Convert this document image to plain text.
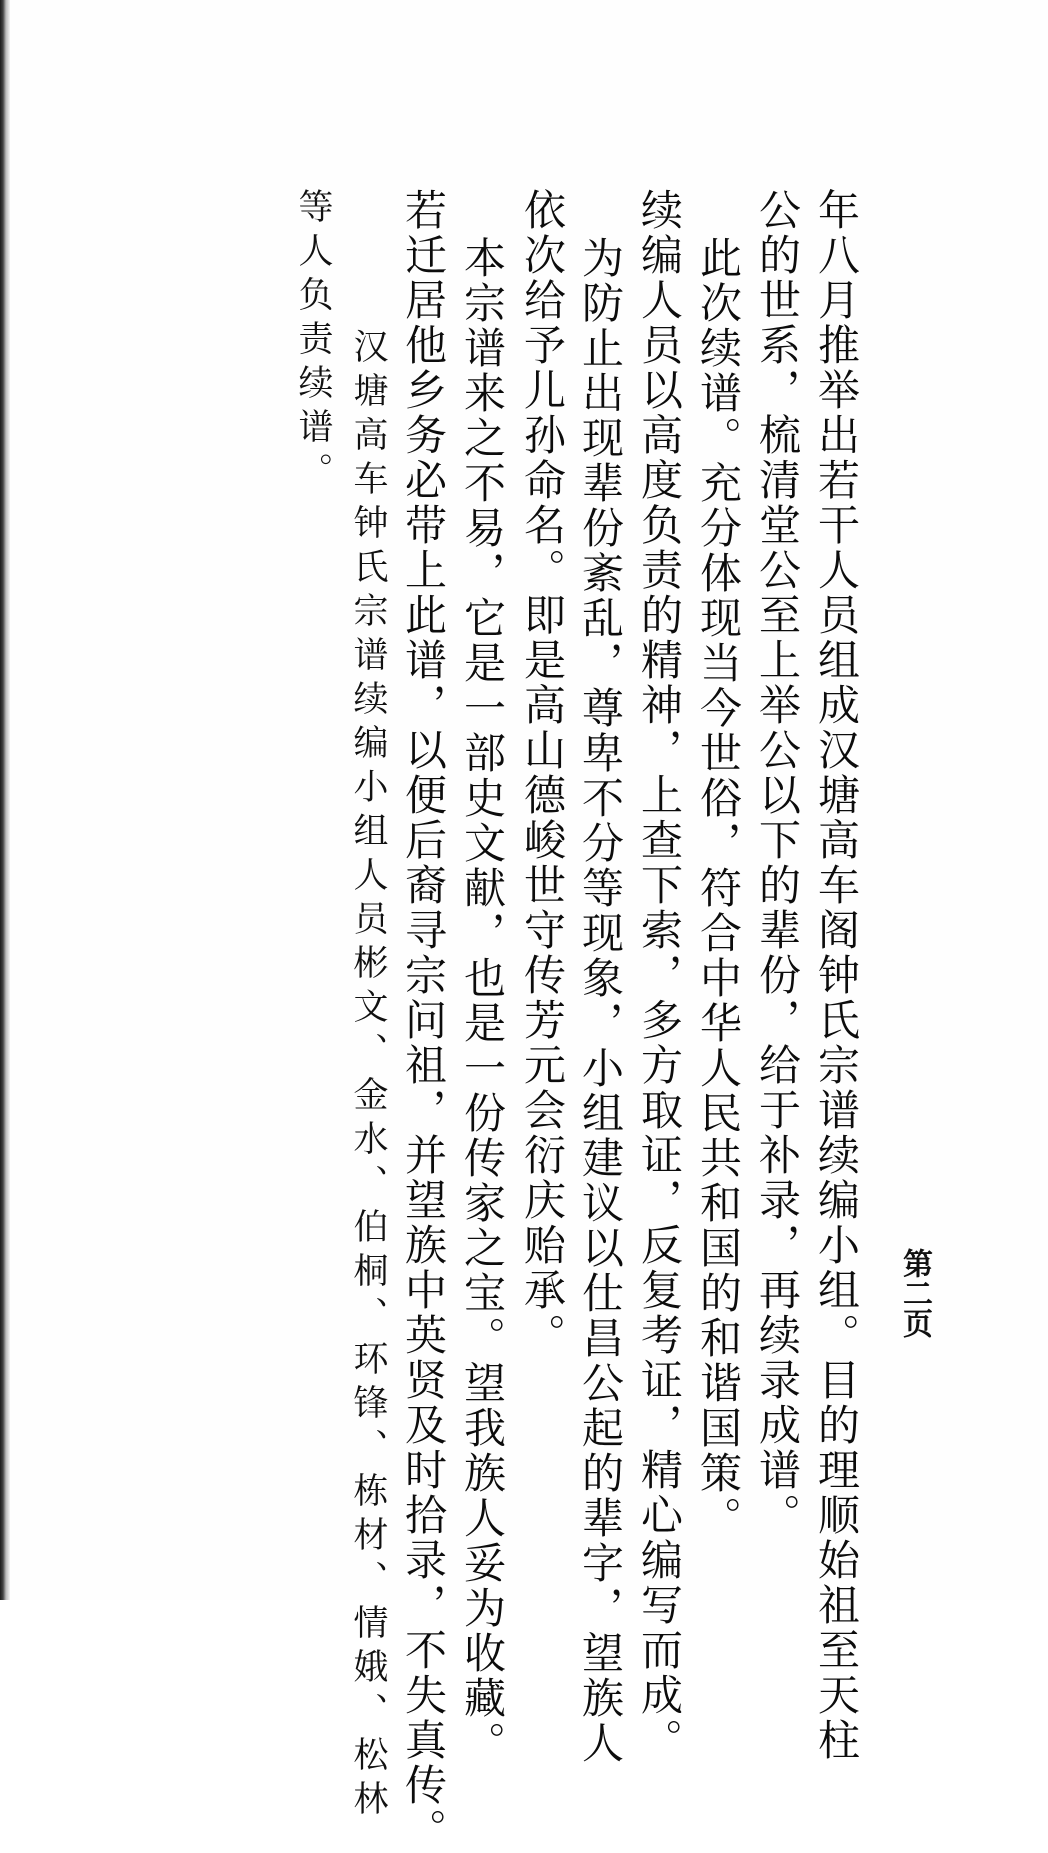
第二页
年八月推举出若干人员组成汉塘高车阁钟氏宗谱续编小组。目的理顺始祖至天柱
公的世系，梳清堂公至上举公以下的辈份，给于补录，再续录成谱。
此次续谱。充分体现当今世俗，符合中华人民共和国的和谐国策。
续编人员以高度负责的精神，上查下索，多方取证，反复考证，精心编写而成。
为防止出现辈份紊乱，尊卑不分等现象，小组建议以仕昌公起的辈字，望族人
依次给予儿孙命名。即是高山德峻世守传芳元会衍庆贻承。
本宗谱来之不易，它是一部史文献，也是一份传家之宝。望我族人妥为收藏。
若迁居他乡务必带上此谱，以便后裔寻宗问祖，并望族中英贤及时拾录，不失真传。
汉塘高车钟氏宗谱续编小组人员彬文、金水、伯桐、环锋、栋材、情娥、松林
等人负责续谱。
